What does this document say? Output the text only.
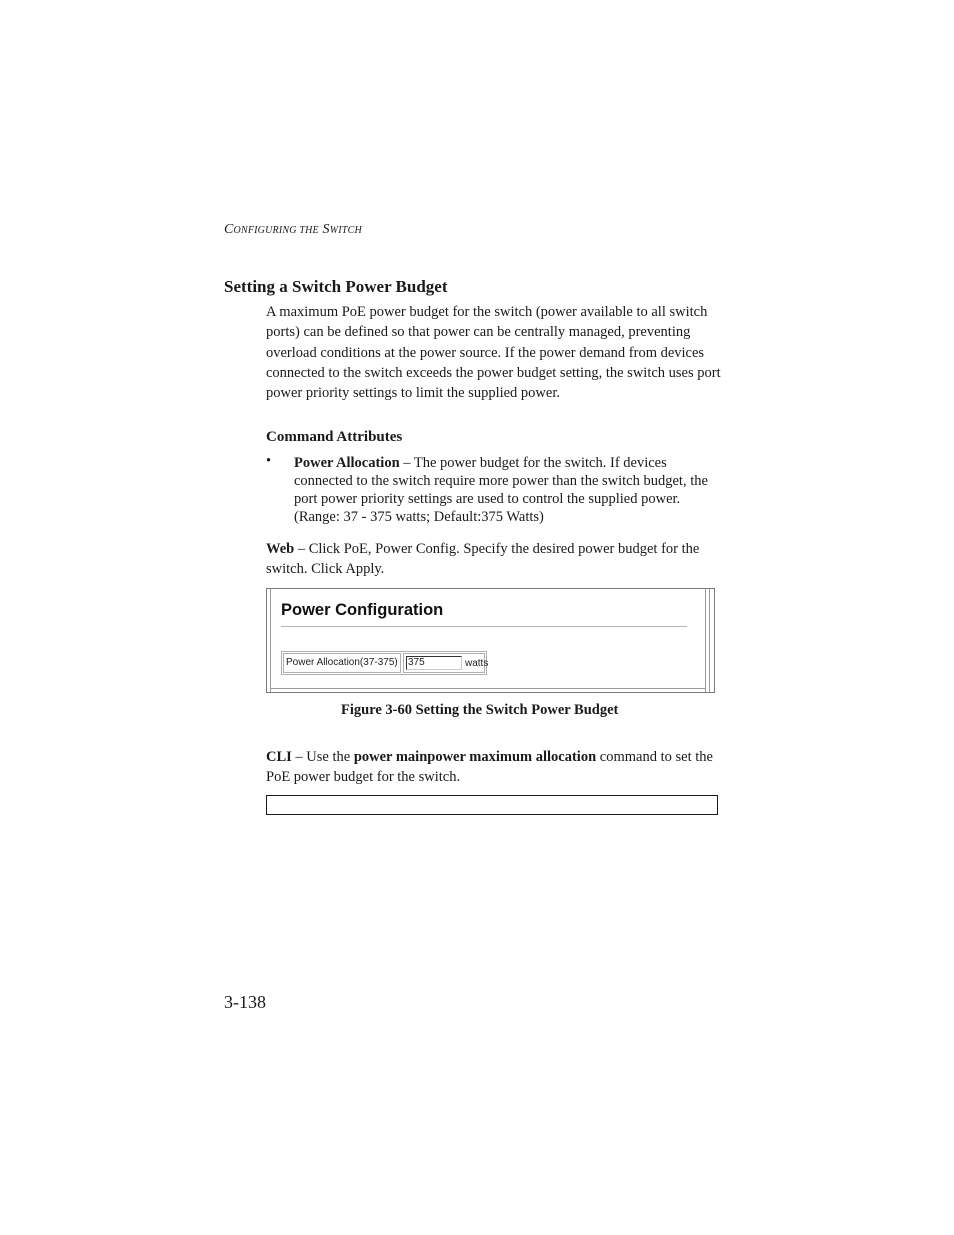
CONFIGURING THE SWITCH
Setting a Switch Power Budget
A maximum PoE power budget for the switch (power available to all switch ports) can be defined so that power can be centrally managed, preventing overload conditions at the power source. If the power demand from devices connected to the switch exceeds the power budget setting, the switch uses port power priority settings to limit the supplied power.
Command Attributes
• Power Allocation – The power budget for the switch. If devices connected to the switch require more power than the switch budget, the port power priority settings are used to control the supplied power. (Range: 37 - 375 watts; Default:375 Watts)
Web – Click PoE, Power Config. Specify the desired power budget for the switch. Click Apply.
Power Configuration
Power Allocation(37-375)	375	watts
Figure 3-60 Setting the Switch Power Budget
CLI – Use the power mainpower maximum allocation command to set the PoE power budget for the switch.
3-138
